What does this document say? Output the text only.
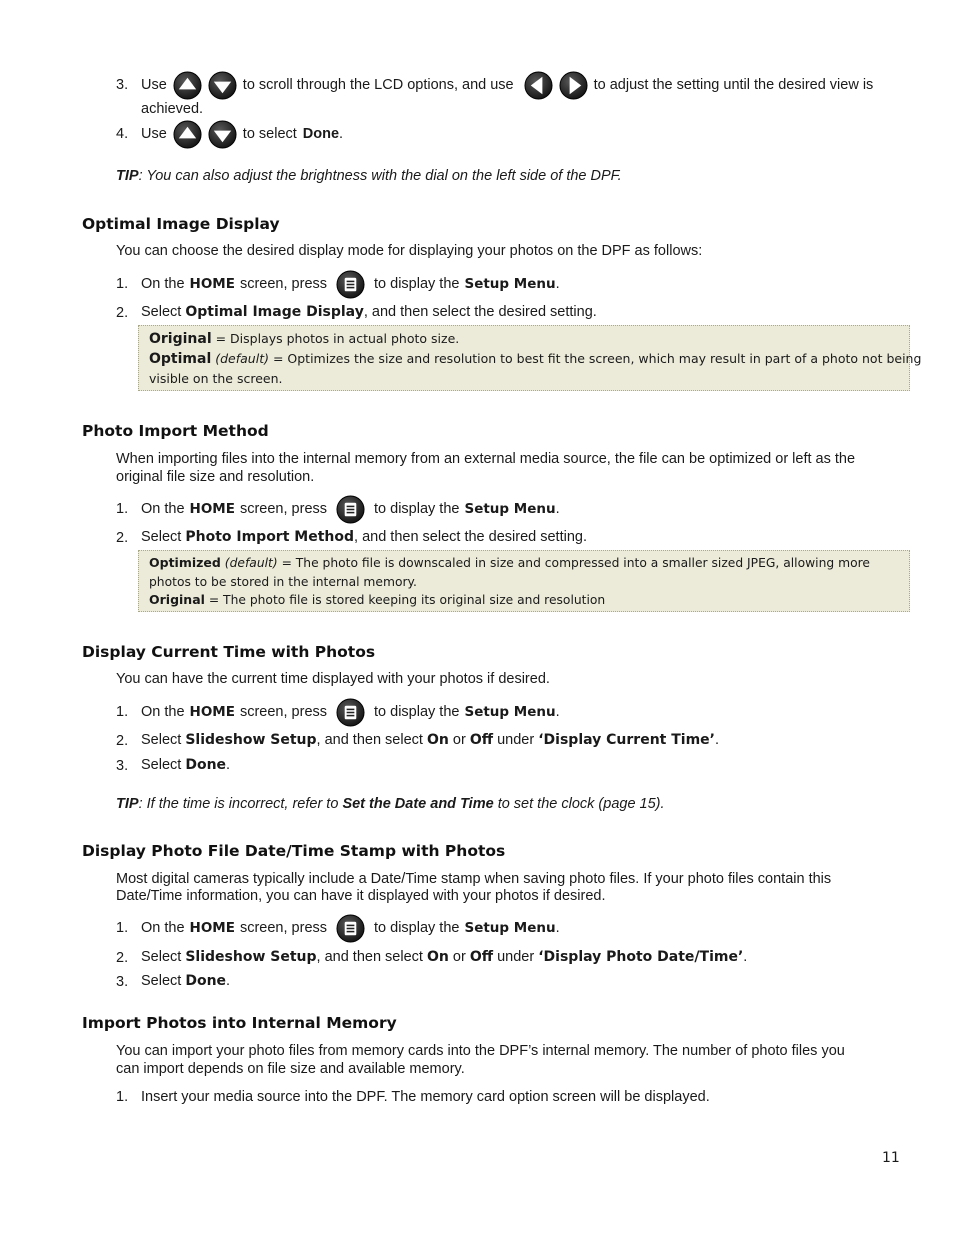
3. Use	to scroll through the LCD options, and use	to adjust the setting until the desired view is
achieved.
4. Use	to select Done.
TIP: You can also adjust the brightness with the dial on the left side of the DPF.
Optimal Image Display
You can choose the desired display mode for displaying your photos on the DPF as follows:
1. On the HOME screen, press	to display the Setup Menu.
2. Select Optimal Image Display, and then select the desired setting.
Original = Displays photos in actual photo size.
Optimal (default) = Optimizes the size and resolution to best fit the screen, which may result in part of a photo not being
visible on the screen.
Photo Import Method
When importing files into the internal memory from an external media source, the file can be optimized or left as the
original file size and resolution.
1. On the HOME screen, press	to display the Setup Menu.
2. Select Photo Import Method, and then select the desired setting.
Optimized (default) = The photo file is downscaled in size and compressed into a smaller sized JPEG, allowing more
photos to be stored in the internal memory.
Original = The photo file is stored keeping its original size and resolution
Display Current Time with Photos
You can have the current time displayed with your photos if desired.
1. On the HOME screen, press	to display the Setup Menu.
2. Select Slideshow Setup, and then select On or Off under ‘Display Current Time’.
3. Select Done.
TIP: If the time is incorrect, refer to Set the Date and Time to set the clock (page 15).
Display Photo File Date/Time Stamp with Photos
Most digital cameras typically include a Date/Time stamp when saving photo files. If your photo files contain this
Date/Time information, you can have it displayed with your photos if desired.
1. On the HOME screen, press	to display the Setup Menu.
2. Select Slideshow Setup, and then select On or Off under ‘Display Photo Date/Time’.
3. Select Done.
Import Photos into Internal Memory
You can import your photo files from memory cards into the DPF’s internal memory. The number of photo files you
can import depends on file size and available memory.
1. Insert your media source into the DPF. The memory card option screen will be displayed.
11
